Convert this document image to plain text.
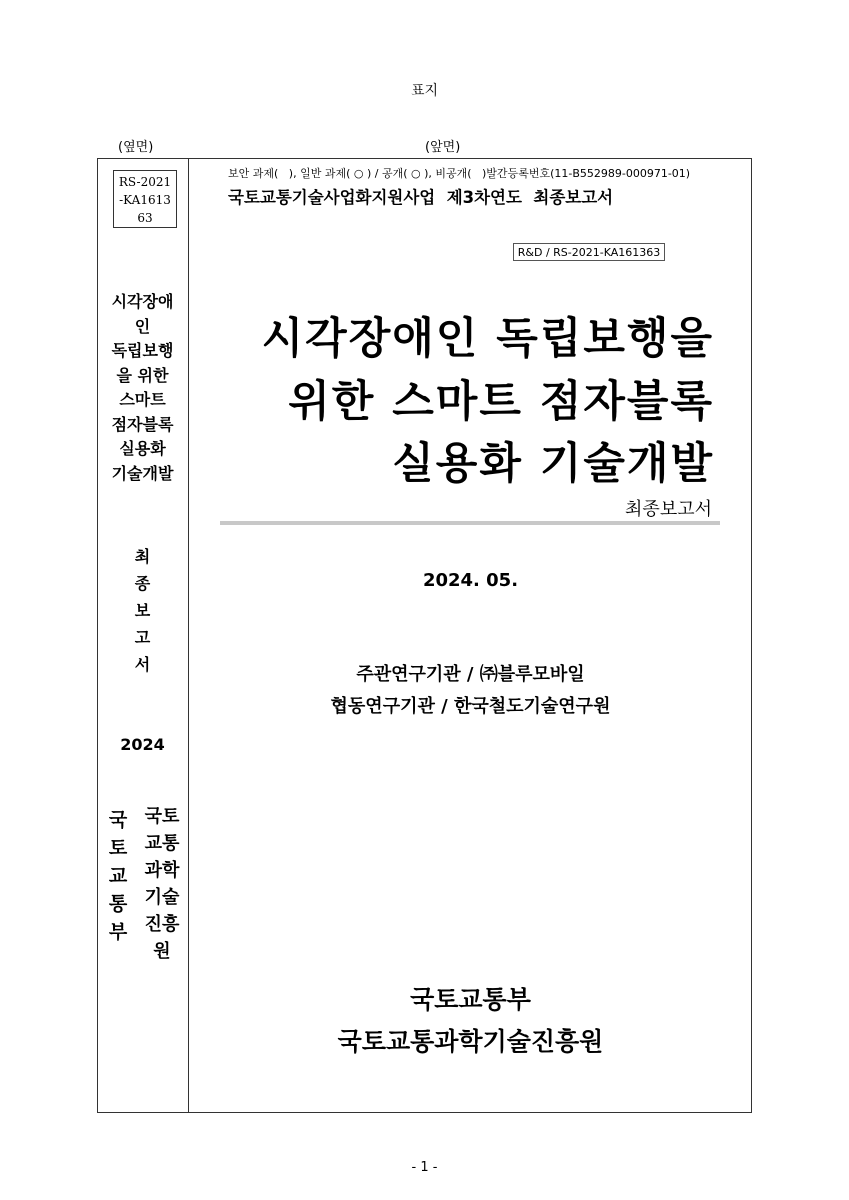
표지
(옆면)	(앞면)
RS-2021
-KA1613
63
시각장애
인
독립보행
을 위한
스마트
점자블록
실용화
기술개발
최
종
보
고
서
2024
국
토
교
통
부
국토
교통
과학
기술
진흥
원
보안 과제(   ), 일반 과제( ○ ) / 공개( ○ ), 비공개(   )발간등록번호(11-B552989-000971-01)
국토교통기술사업화지원사업  제3차연도  최종보고서
R&D / RS-2021-KA161363
시각장애인 독립보행을
위한 스마트 점자블록
실용화 기술개발
최종보고서
2024. 05.
주관연구기관 / ㈜블루모바일
협동연구기관 / 한국철도기술연구원
국토교통부
국토교통과학기술진흥원
- 1 -
